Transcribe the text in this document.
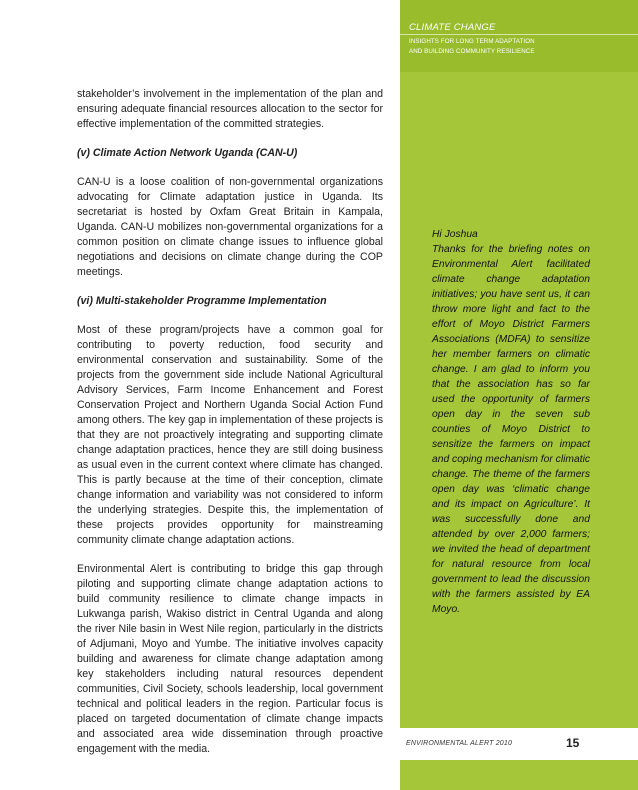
CLIMATE CHANGE
INSIGHTS FOR LONG TERM ADAPTATION
AND BUILDING COMMUNITY RESILIENCE

stakeholder’s involvement in the implementation of the plan and ensuring adequate financial resources allocation to the sector for effective implementation of the committed strategies.

(v) Climate Action Network Uganda (CAN-U)

CAN-U is a loose coalition of non-governmental organizations advocating for Climate adaptation justice in Uganda. Its secretariat is hosted by Oxfam Great Britain in Kampala, Uganda. CAN-U mobilizes non-governmental organizations for a common position on climate change issues to influence global negotiations and decisions on climate change during the COP meetings.

(vi) Multi-stakeholder Programme Implementation

Most of these program/projects have a common goal for contributing to poverty reduction, food security and environmental conservation and sustainability. Some of the projects from the government side include National Agricultural Advisory Services, Farm Income Enhancement and Forest Conservation Project and Northern Uganda Social Action Fund among others. The key gap in implementation of these projects is that they are not proactively integrating and supporting climate change adaptation practices, hence they are still doing business as usual even in the current context where climate has changed. This is partly because at the time of their conception, climate change information and variability was not considered to inform the underlying strategies. Despite this, the implementation of these projects provides opportunity for mainstreaming community climate change adaptation actions.

Environmental Alert is contributing to bridge this gap through piloting and supporting climate change adaptation actions to build community resilience to climate change impacts in Lukwanga parish, Wakiso district in Central Uganda and along the river Nile basin in West Nile region, particularly in the districts of Adjumani, Moyo and Yumbe. The initiative involves capacity building and awareness for climate change adaptation among key stakeholders including natural resources dependent communities, Civil Society, schools leadership, local government technical and political leaders in the region. Particular focus is placed on targeted documentation of climate change impacts and associated area wide dissemination through proactive engagement with the media.

Hi Joshua

Thanks for the briefing notes on Environmental Alert facilitated climate change adaptation initiatives; you have sent us, it can throw more light and fact to the effort of Moyo District Farmers Associations (MDFA) to sensitize her member farmers on climatic change. I am glad to inform you that the association has so far used the opportunity of farmers open day in the seven sub counties of Moyo District to sensitize the farmers on impact and coping mechanism for climatic change. The theme of the farmers open day was ‘climatic change and its impact on Agriculture’. It was successfully done and attended by over 2,000 farmers; we invited the head of department for natural resource from local government to lead the discussion with the farmers assisted by EA Moyo.

ENVIRONMENTAL ALERT 2010	15
